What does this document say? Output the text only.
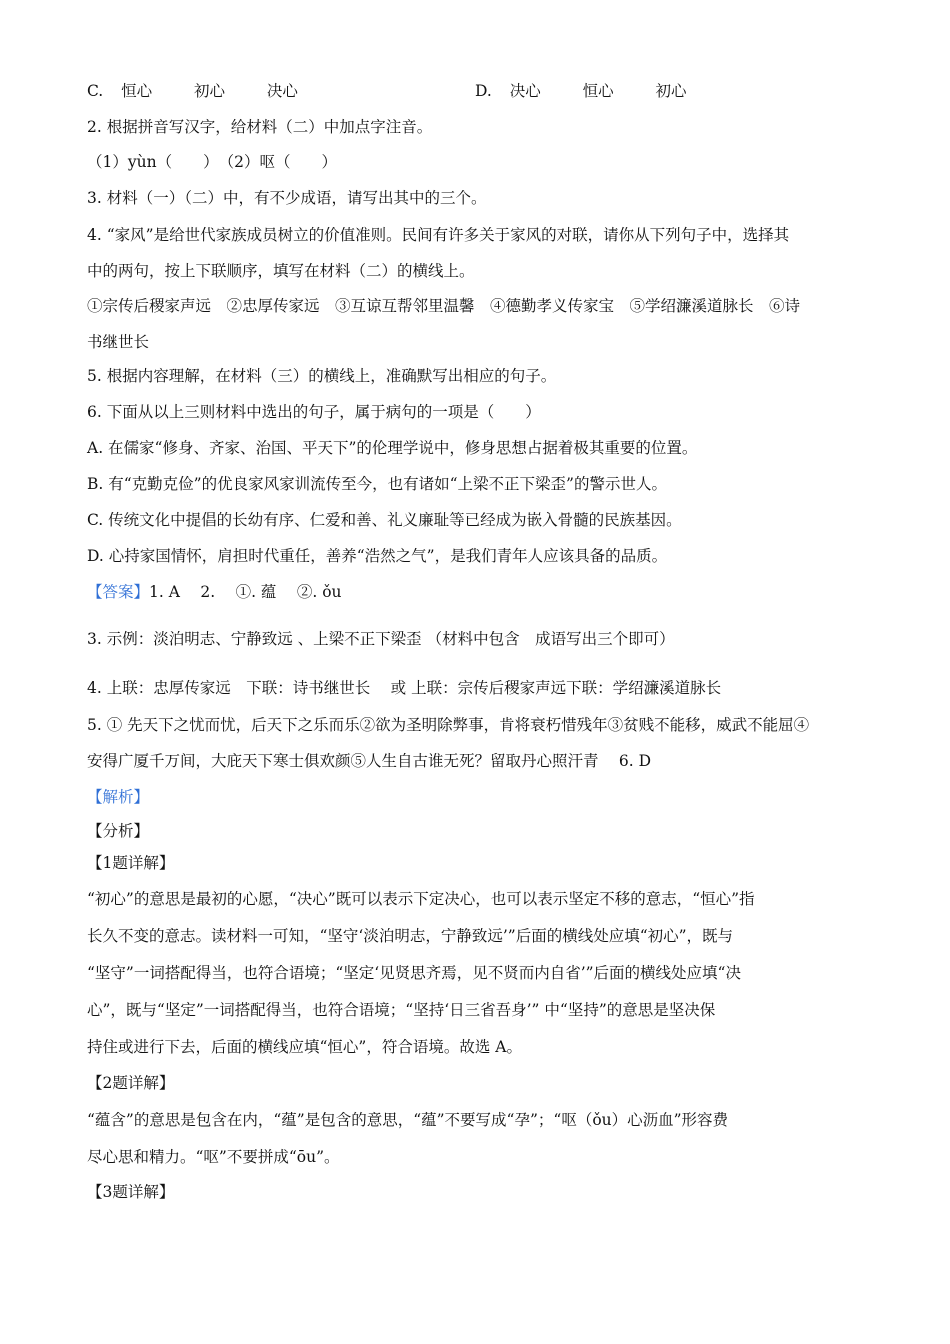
C. 恒心	初心	决心	D. 决心	恒心	初心
2. 根据拼音写汉字，给材料（二）中加点字注音。
（1）yùn（　　）　（2）呕（　　）
3. 材料（一）（二）中，有不少成语，请写出其中的三个。
4. “家风”是给世代家族成员树立的价值准则。民间有许多关于家风的对联，请你从下列句子中，选择其
中的两句，按上下联顺序，填写在材料（二）的横线上。
①宗传后稷家声远　②忠厚传家远　③互谅互帮邻里温馨　④德勤孝义传家宝　⑤学绍濂溪道脉长　⑥诗
书继世长
5. 根据内容理解，在材料（三）的横线上，准确默写出相应的句子。
6. 下面从以上三则材料中选出的句子，属于病句的一项是（　　）
A. 在儒家“修身、齐家、治国、平天下”的伦理学说中，修身思想占据着极其重要的位置。
B. 有“克勤克俭”的优良家风家训流传至今，也有诸如“上梁不正下梁歪”的警示世人。
C. 传统文化中提倡的长幼有序、仁爱和善、礼义廉耻等已经成为嵌入骨髓的民族基因。
D. 心持家国情怀，肩担时代重任，善养“浩然之气”，是我们青年人应该具备的品质。
【答案】1. A　 2.　 ①. 蕴　 ②. ǒu
3. 示例：淡泊明志、宁静致远 、上梁不正下梁歪 （材料中包含　成语写出三个即可）
4. 上联：忠厚传家远　下联：诗书继世长　 或 上联：宗传后稷家声远下联：学绍濂溪道脉长
5. ① 先天下之忧而忧，后天下之乐而乐②欲为圣明除弊事，肯将衰朽惜残年③贫贱不能移，威武不能屈④
安得广厦千万间，大庇天下寒士俱欢颜⑤人生自古谁无死？留取丹心照汗青　 6. D
【解析】
【分析】
【1题详解】
“初心”的意思是最初的心愿，“决心”既可以表示下定决心，也可以表示坚定不移的意志，“恒心”指
长久不变的意志。读材料一可知，“坚守‘淡泊明志，宁静致远’”后面的横线处应填“初心”，既与
“坚守”一词搭配得当，也符合语境；“坚定‘见贤思齐焉，见不贤而内自省’”后面的横线处应填“决
心”，既与“坚定”一词搭配得当，也符合语境；“坚持‘日三省吾身’” 中“坚持”的意思是坚决保
持住或进行下去，后面的横线应填“恒心”，符合语境。故选 A。
【2题详解】
“蕴含”的意思是包含在内，“蕴”是包含的意思，“蕴”不要写成“孕”；“呕（ǒu）心沥血”形容费
尽心思和精力。“呕”不要拼成“ōu”。
【3题详解】
